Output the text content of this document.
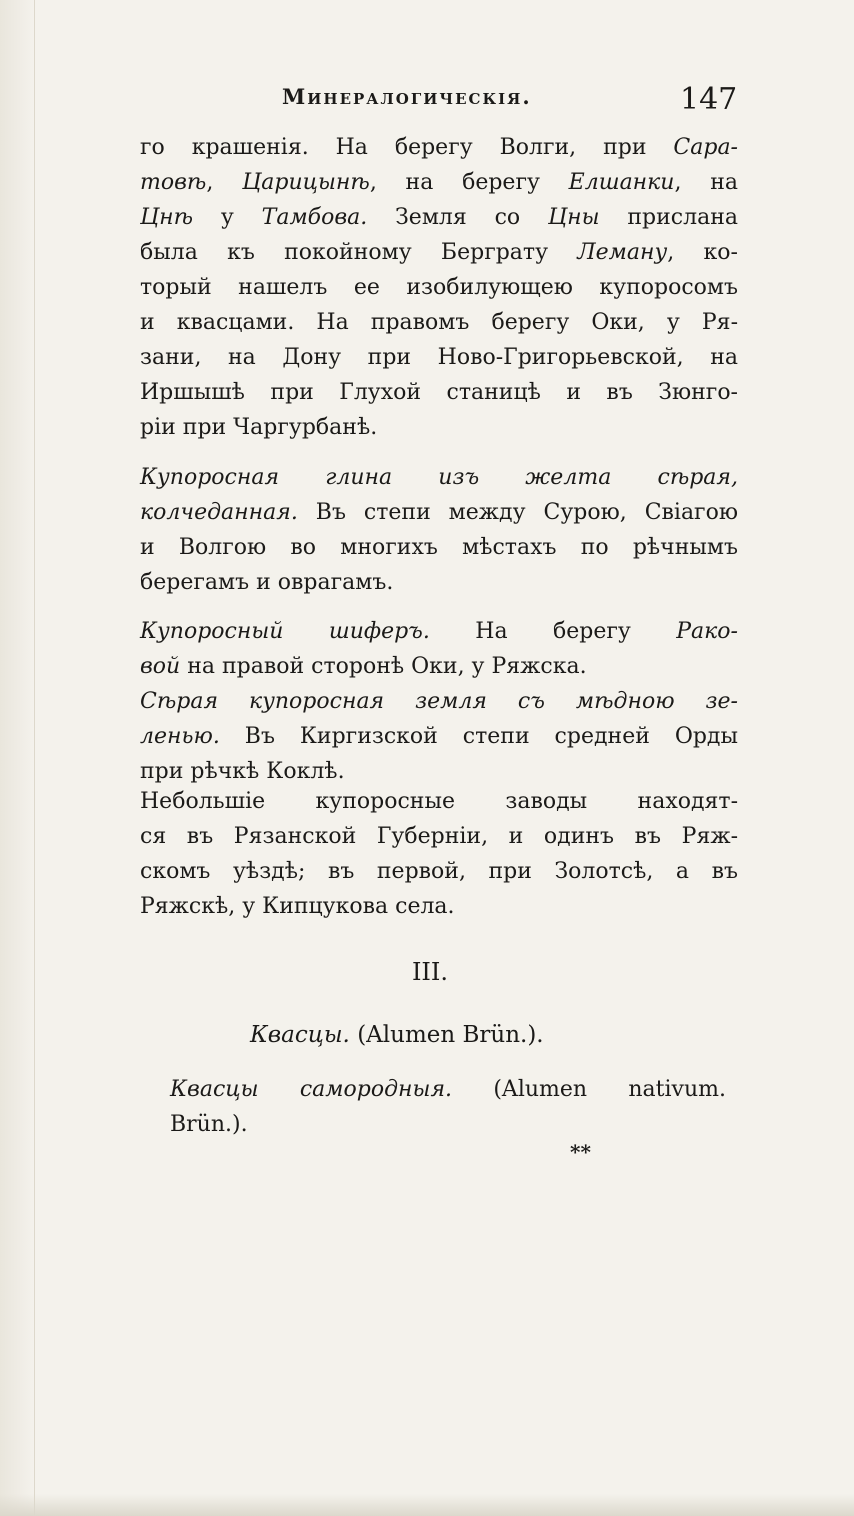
Минералогическія.	147
го крашенія. На берегу Волги, при Сара-
товѣ, Царицынѣ, на берегу Елшанки, на
Цнѣ у Тамбова. Земля со Цны прислана
была къ покойному Берграту Леману, ко-
торый нашелъ ее изобилующею купоросомъ
и квасцами. На правомъ берегу Оки, у Ря-
зани, на Дону при Ново-Григорьевской, на
Иршышѣ при Глухой станицѣ и въ Зюнго-
ріи при Чаргурбанѣ.
Купоросная глина изъ желта сѣрая,
колчеданная. Въ степи между Сурою, Свіагою
и Волгою во многихъ мѣстахъ по рѣчнымъ
берегамъ и оврагамъ.
Купоросный шиферъ. На берегу Рако-
вой на правой сторонѣ Оки, у Ряжска.
Сѣрая купоросная земля съ мѣдною зе-
ленью. Въ Киргизской степи средней Орды
при рѣчкѣ Коклѣ.
Небольшіе купоросные заводы находят-
ся въ Рязанской Губерніи, и одинъ въ Ряж-
скомъ уѣздѣ; въ первой, при Золотсѣ, а въ
Ряжскѣ, у Кипцукова села.
III.
Квасцы. (Alumen Brün.).
Квасцы самородныя. (Alumen nativum.
Brün.).
**
